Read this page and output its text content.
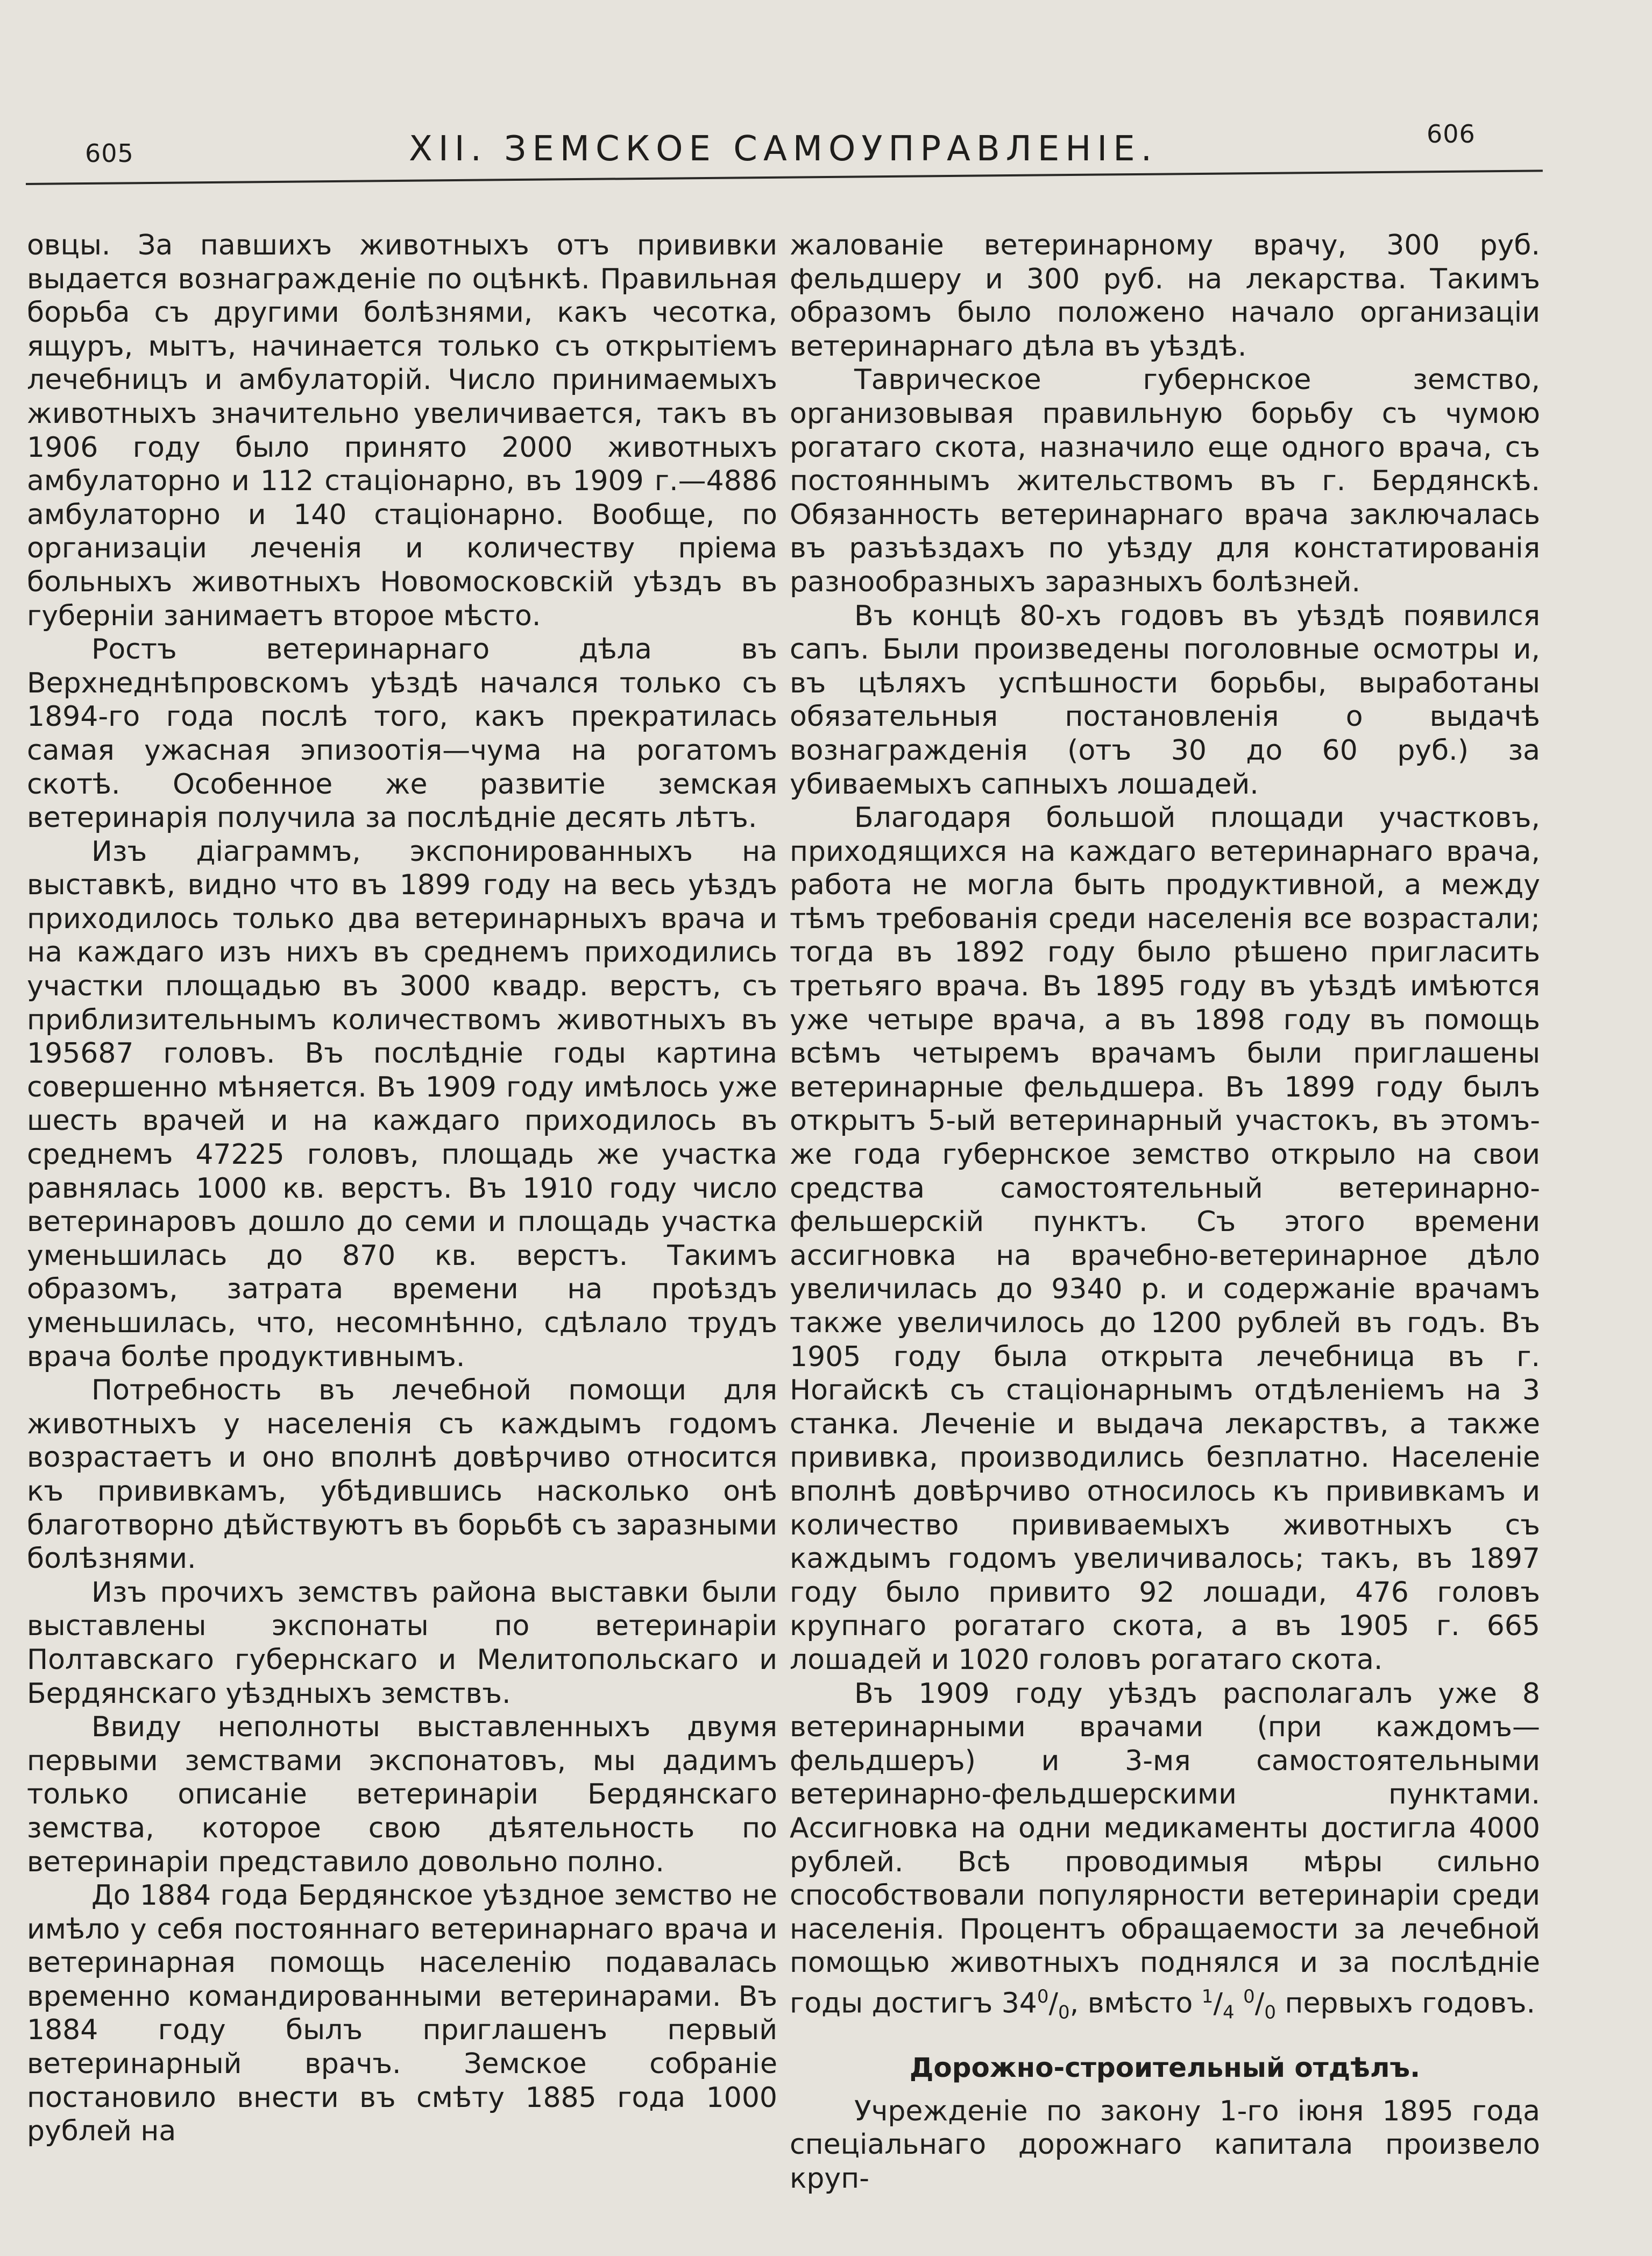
605	XII. ЗЕМСКОЕ САМОУПРАВЛЕНIЕ.	606

овцы. За павшихъ животныхъ отъ прививки выдается вознагражденіе по оцѣнкѣ. Правильная борьба съ другими болѣзнями, какъ чесотка, ящуръ, мытъ, начинается только съ открытіемъ лечебницъ и амбулаторій. Число принимаемыхъ животныхъ значительно увеличивается, такъ въ 1906 году было принято 2000 животныхъ амбулаторно и 112 стаціонарно, въ 1909 г.—4886 амбулаторно и 140 стаціонарно. Вообще, по организаціи леченія и количеству пріема больныхъ животныхъ Новомосковскій уѣздъ въ губерніи занимаетъ второе мѣсто.

Ростъ ветеринарнаго дѣла въ Верхнеднѣпровскомъ уѣздѣ начался только съ 1894-го года послѣ того, какъ прекратилась самая ужасная эпизоотія—чума на рогатомъ скотѣ. Особенное же развитіе земская ветеринарія получила за послѣдніе десять лѣтъ.

Изъ діаграммъ, экспонированныхъ на выставкѣ, видно что въ 1899 году на весь уѣздъ приходилось только два ветеринарныхъ врача и на каждаго изъ нихъ въ среднемъ приходились участки площадью въ 3000 квадр. верстъ, съ приблизительнымъ количествомъ животныхъ въ 195687 головъ. Въ послѣдніе годы картина совершенно мѣняется. Въ 1909 году имѣлось уже шесть врачей и на каждаго приходилось въ среднемъ 47225 головъ, площадь же участка равнялась 1000 кв. верстъ. Въ 1910 году число ветеринаровъ дошло до семи и площадь участка уменьшилась до 870 кв. верстъ. Такимъ образомъ, затрата времени на проѣздъ уменьшилась, что, несомнѣнно, сдѣлало трудъ врача болѣе продуктивнымъ.

Потребность въ лечебной помощи для животныхъ у населенія съ каждымъ годомъ возрастаетъ и оно вполнѣ довѣрчиво относится къ прививкамъ, убѣдившись насколько онѣ благотворно дѣйствуютъ въ борьбѣ съ заразными болѣзнями.

Изъ прочихъ земствъ района выставки были выставлены экспонаты по ветеринаріи Полтавскаго губернскаго и Мелитопольскаго и Бердянскаго уѣздныхъ земствъ.

Ввиду неполноты выставленныхъ двумя первыми земствами экспонатовъ, мы дадимъ только описаніе ветеринаріи Бердянскаго земства, которое свою дѣятельность по ветеринаріи представило довольно полно.

До 1884 года Бердянское уѣздное земство не имѣло у себя постояннаго ветеринарнаго врача и ветеринарная помощь населенію подавалась временно командированными ветеринарами. Въ 1884 году былъ приглашенъ первый ветеринарный врачъ. Земское собраніе постановило внести въ смѣту 1885 года 1000 рублей на

жалованіе ветеринарному врачу, 300 руб. фельдшеру и 300 руб. на лекарства. Такимъ образомъ было положено начало организаціи ветеринарнаго дѣла въ уѣздѣ.

Таврическое губернское земство, организовывая правильную борьбу съ чумою рогатаго скота, назначило еще одного врача, съ постояннымъ жительствомъ въ г. Бердянскѣ. Обязанность ветеринарнаго врача заключалась въ разъѣздахъ по уѣзду для констатированія разнообразныхъ заразныхъ болѣзней.

Въ концѣ 80-хъ годовъ въ уѣздѣ появился сапъ. Были произведены поголовные осмотры и, въ цѣляхъ успѣшности борьбы, выработаны обязательныя постановленія о выдачѣ вознагражденія (отъ 30 до 60 руб.) за убиваемыхъ сапныхъ лошадей.

Благодаря большой площади участковъ, приходящихся на каждаго ветеринарнаго врача, работа не могла быть продуктивной, а между тѣмъ требованія среди населенія все возрастали; тогда въ 1892 году было рѣшено пригласить третьяго врача. Въ 1895 году въ уѣздѣ имѣются уже четыре врача, а въ 1898 году въ помощь всѣмъ четыремъ врачамъ были приглашены ветеринарные фельдшера. Въ 1899 году былъ открытъ 5-ый ветеринарный участокъ, въ этомъ-же года губернское земство открыло на свои средства самостоятельный ветеринарно-фельшерскій пунктъ. Съ этого времени ассигновка на врачебно-ветеринарное дѣло увеличилась до 9340 р. и содержаніе врачамъ также увеличилось до 1200 рублей въ годъ. Въ 1905 году была открыта лечебница въ г. Ногайскѣ съ стаціонарнымъ отдѣленіемъ на 3 станка. Леченіе и выдача лекарствъ, а также прививка, производились безплатно. Населеніе вполнѣ довѣрчиво относилось къ прививкамъ и количество прививаемыхъ животныхъ съ каждымъ годомъ увеличивалось; такъ, въ 1897 году было привито 92 лошади, 476 головъ крупнаго рогатаго скота, а въ 1905 г. 665 лошадей и 1020 головъ рогатаго скота.

Въ 1909 году уѣздъ располагалъ уже 8 ветеринарными врачами (при каждомъ—фельдшеръ) и 3-мя самостоятельными ветеринарно-фельдшерскими пунктами. Ассигновка на одни медикаменты достигла 4000 рублей. Всѣ проводимыя мѣры сильно способствовали популярности ветеринаріи среди населенія. Процентъ обращаемости за лечебной помощью животныхъ поднялся и за послѣдніе годы достигъ $34^0/_0$, вмѣсто $^1/_4$ $^0/_0$ первыхъ годовъ.

Дорожно-строительный отдѣлъ.

Учрежденіе по закону 1-го іюня 1895 года спеціальнаго дорожнаго капитала произвело круп-
